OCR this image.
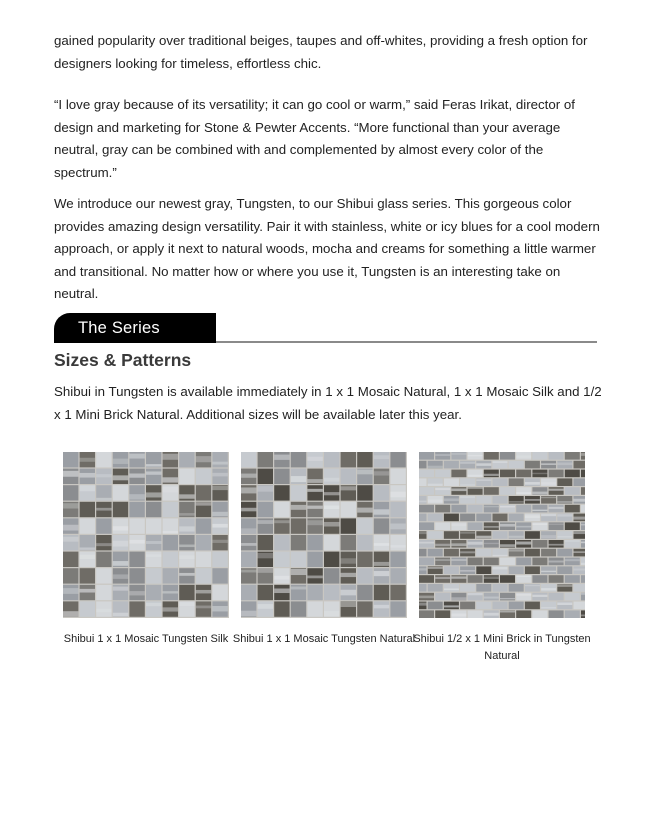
gained popularity over traditional beiges, taupes and off-whites, providing a fresh option for designers looking for timeless, effortless chic.

“I love gray because of its versatility; it can go cool or warm,” said Feras Irikat, director of design and marketing for Stone & Pewter Accents. “More functional than your average neutral, gray can be combined with and complemented by almost every color of the spectrum.”

We introduce our newest gray, Tungsten, to our Shibui glass series. This gorgeous color provides amazing design versatility. Pair it with stainless, white or icy blues for a cool modern approach, or apply it next to natural woods, mocha and creams for something a little warmer and transitional. No matter how or where you use it, Tungsten is an interesting take on neutral.

The Series
Sizes & Patterns

Shibui in Tungsten is available immediately in 1 x 1 Mosaic Natural, 1 x 1 Mosaic Silk and 1/2 x 1 Mini Brick Natural. Additional sizes will be available later this year.

Shibui 1 x 1 Mosaic Tungsten Silk Shibui 1 x 1 Mosaic Tungsten Natural
Shibui 1/2 x 1 Mini Brick in Tungsten Natural
